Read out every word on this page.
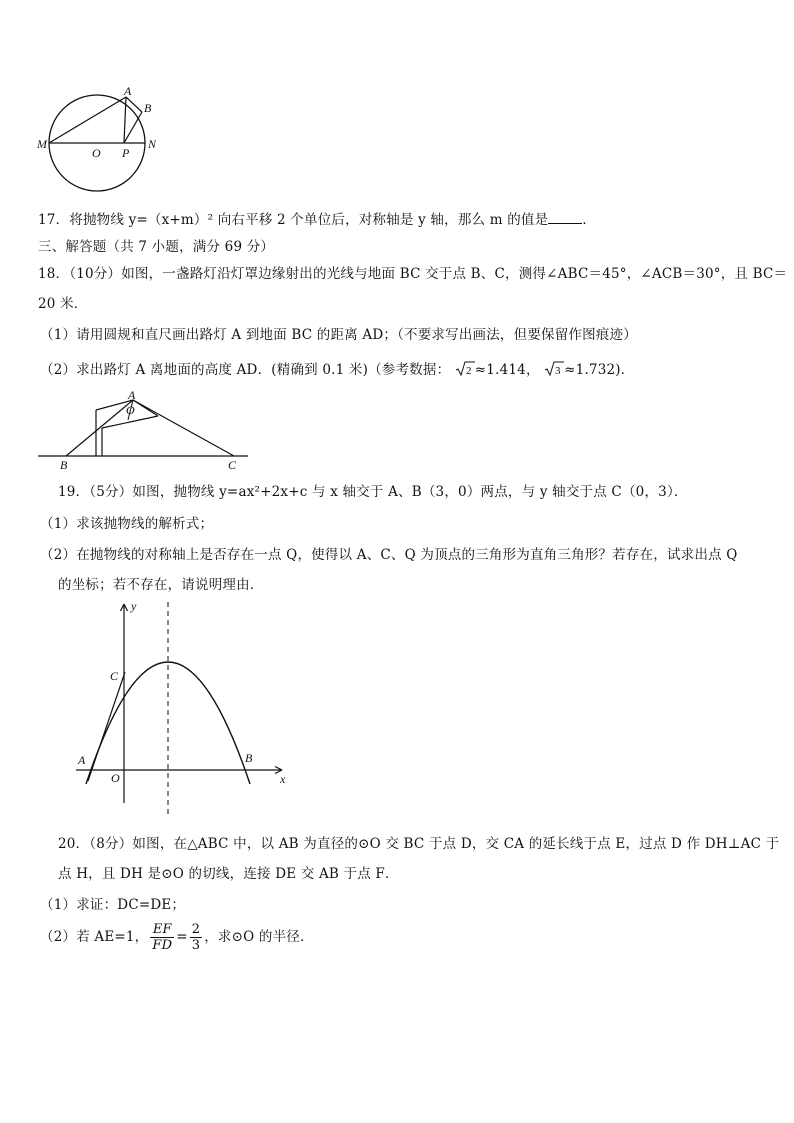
A
B
M
O P
N
17．将抛物线 y=（x+m）² 向右平移 2 个单位后，对称轴是 y 轴，那么 m 的值是	．
三、解答题（共 7 小题，满分 69 分）
18．（10分）如图，一盏路灯沿灯罩边缘射出的光线与地面 BC 交于点 B、C，测得∠ABC＝45°，∠ACB＝30°，且 BC＝
20 米．
（1）请用圆规和直尺画出路灯 A 到地面 BC 的距离 AD；（不要求写出画法，但要保留作图痕迹）
（2）求出路灯 A 离地面的高度 AD．(精确到 0.1 米)（参考数据： 2 ≈1.414， 3 ≈1.732)．
A
O
B	C
19．（5分）如图，抛物线 y=ax²+2x+c 与 x 轴交于 A、B（3，0）两点，与 y 轴交于点 C（0，3）．
（1）求该抛物线的解析式；
（2）在抛物线的对称轴上是否存在一点 Q，使得以 A、C、Q 为顶点的三角形为直角三角形？若存在，试求出点 Q
的坐标；若不存在，请说明理由．
y
x
C
A
O
B
20．（8分）如图，在△ABC 中，以 AB 为直径的⊙O 交 BC 于点 D，交 CA 的延长线于点 E，过点 D 作 DH⊥AC 于
点 H，且 DH 是⊙O 的切线，连接 DE 交 AB 于点 F．
（1）求证：DC=DE；
（2）若 AE=1， $\frac{EF}{FD} = \frac{2}{3}$ ，求⊙O 的半径．
